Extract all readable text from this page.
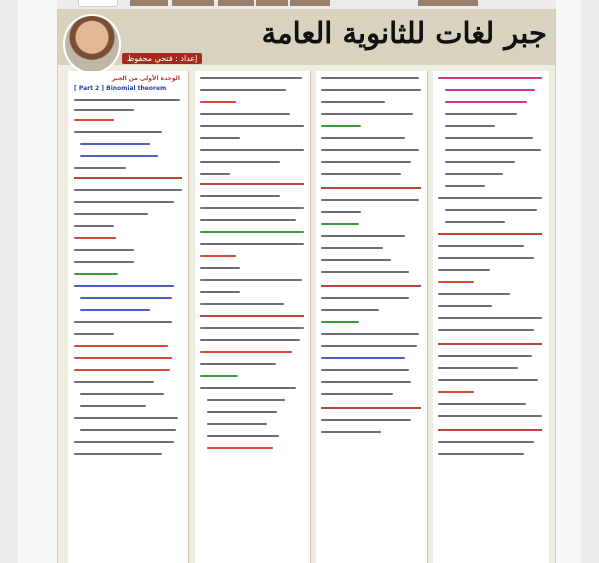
جبر لغات للثانوية العامة
إعداد : فتحي محفوظ
الوحدة الأولى من الجبر
[ Part 2 ] Binomial theorem
